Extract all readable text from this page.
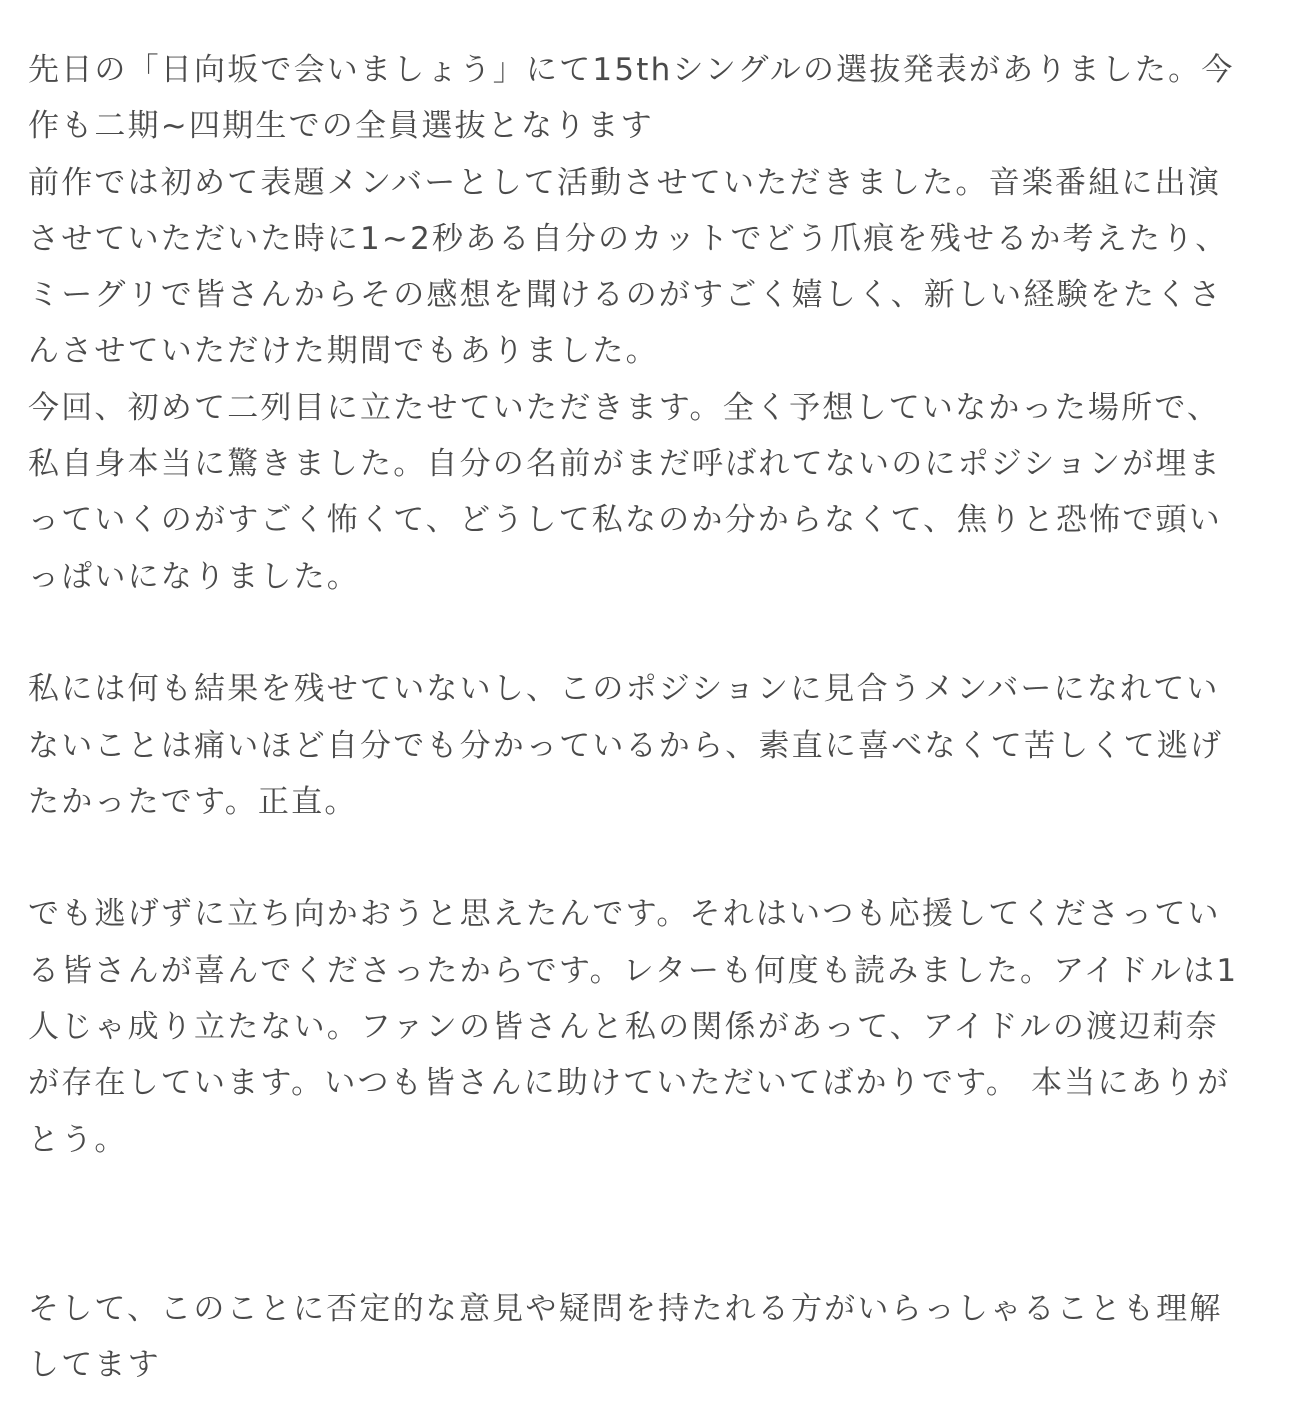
先日の「日向坂で会いましょう」にて15thシングルの選抜発表がありました。今
作も二期~四期生での全員選抜となります
前作では初めて表題メンバーとして活動させていただきました。音楽番組に出演
させていただいた時に1~2秒ある自分のカットでどう爪痕を残せるか考えたり、
ミーグリで皆さんからその感想を聞けるのがすごく嬉しく、新しい経験をたくさ
んさせていただけた期間でもありました。
今回、初めて二列目に立たせていただきます。全く予想していなかった場所で、
私自身本当に驚きました。自分の名前がまだ呼ばれてないのにポジションが埋ま
っていくのがすごく怖くて、どうして私なのか分からなくて、焦りと恐怖で頭い
っぱいになりました。
私には何も結果を残せていないし、このポジションに見合うメンバーになれてい
ないことは痛いほど自分でも分かっているから、素直に喜べなくて苦しくて逃げ
たかったです。正直。
でも逃げずに立ち向かおうと思えたんです。それはいつも応援してくださってい
る皆さんが喜んでくださったからです。レターも何度も読みました。アイドルは1
人じゃ成り立たない。ファンの皆さんと私の関係があって、アイドルの渡辺莉奈
が存在しています。いつも皆さんに助けていただいてばかりです。 本当にありが
とう。
そして、このことに否定的な意見や疑問を持たれる方がいらっしゃることも理解
してます
